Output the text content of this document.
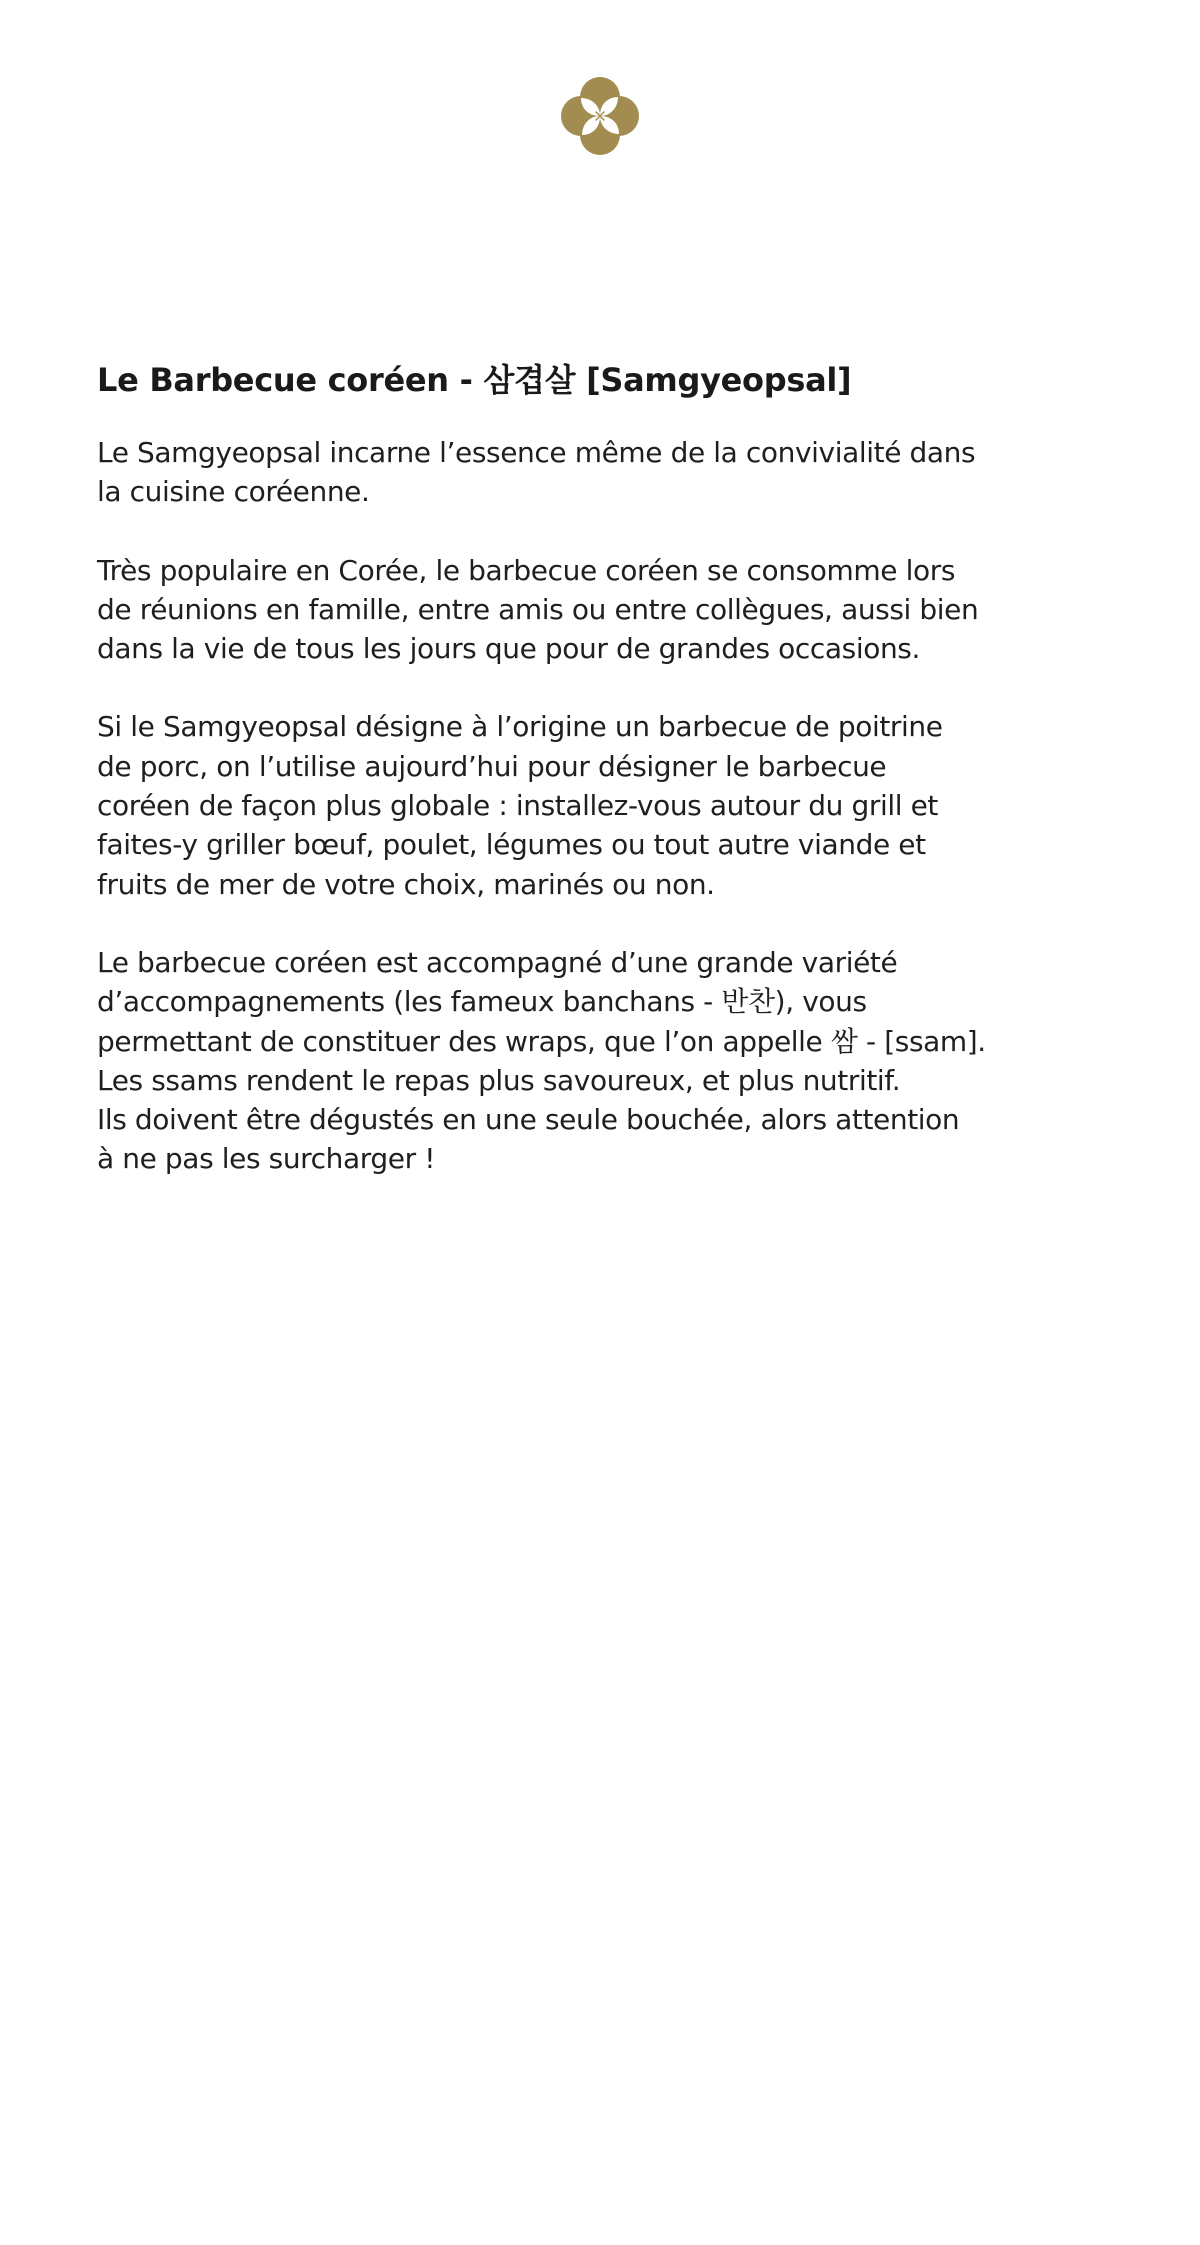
Le Barbecue coréen - 삼겹살 [Samgyeopsal]

Le Samgyeopsal incarne l’essence même de la convivialité dans
la cuisine coréenne.

Très populaire en Corée, le barbecue coréen se consomme lors
de réunions en famille, entre amis ou entre collègues, aussi bien
dans la vie de tous les jours que pour de grandes occasions.

Si le Samgyeopsal désigne à l’origine un barbecue de poitrine
de porc, on l’utilise aujourd’hui pour désigner le barbecue
coréen de façon plus globale : installez-vous autour du grill et
faites-y griller bœuf, poulet, légumes ou tout autre viande et
fruits de mer de votre choix, marinés ou non.

Le barbecue coréen est accompagné d’une grande variété
d’accompagnements (les fameux banchans - 반찬), vous
permettant de constituer des wraps, que l’on appelle 쌈 - [ssam].
Les ssams rendent le repas plus savoureux, et plus nutritif.
Ils doivent être dégustés en une seule bouchée, alors attention
à ne pas les surcharger !
